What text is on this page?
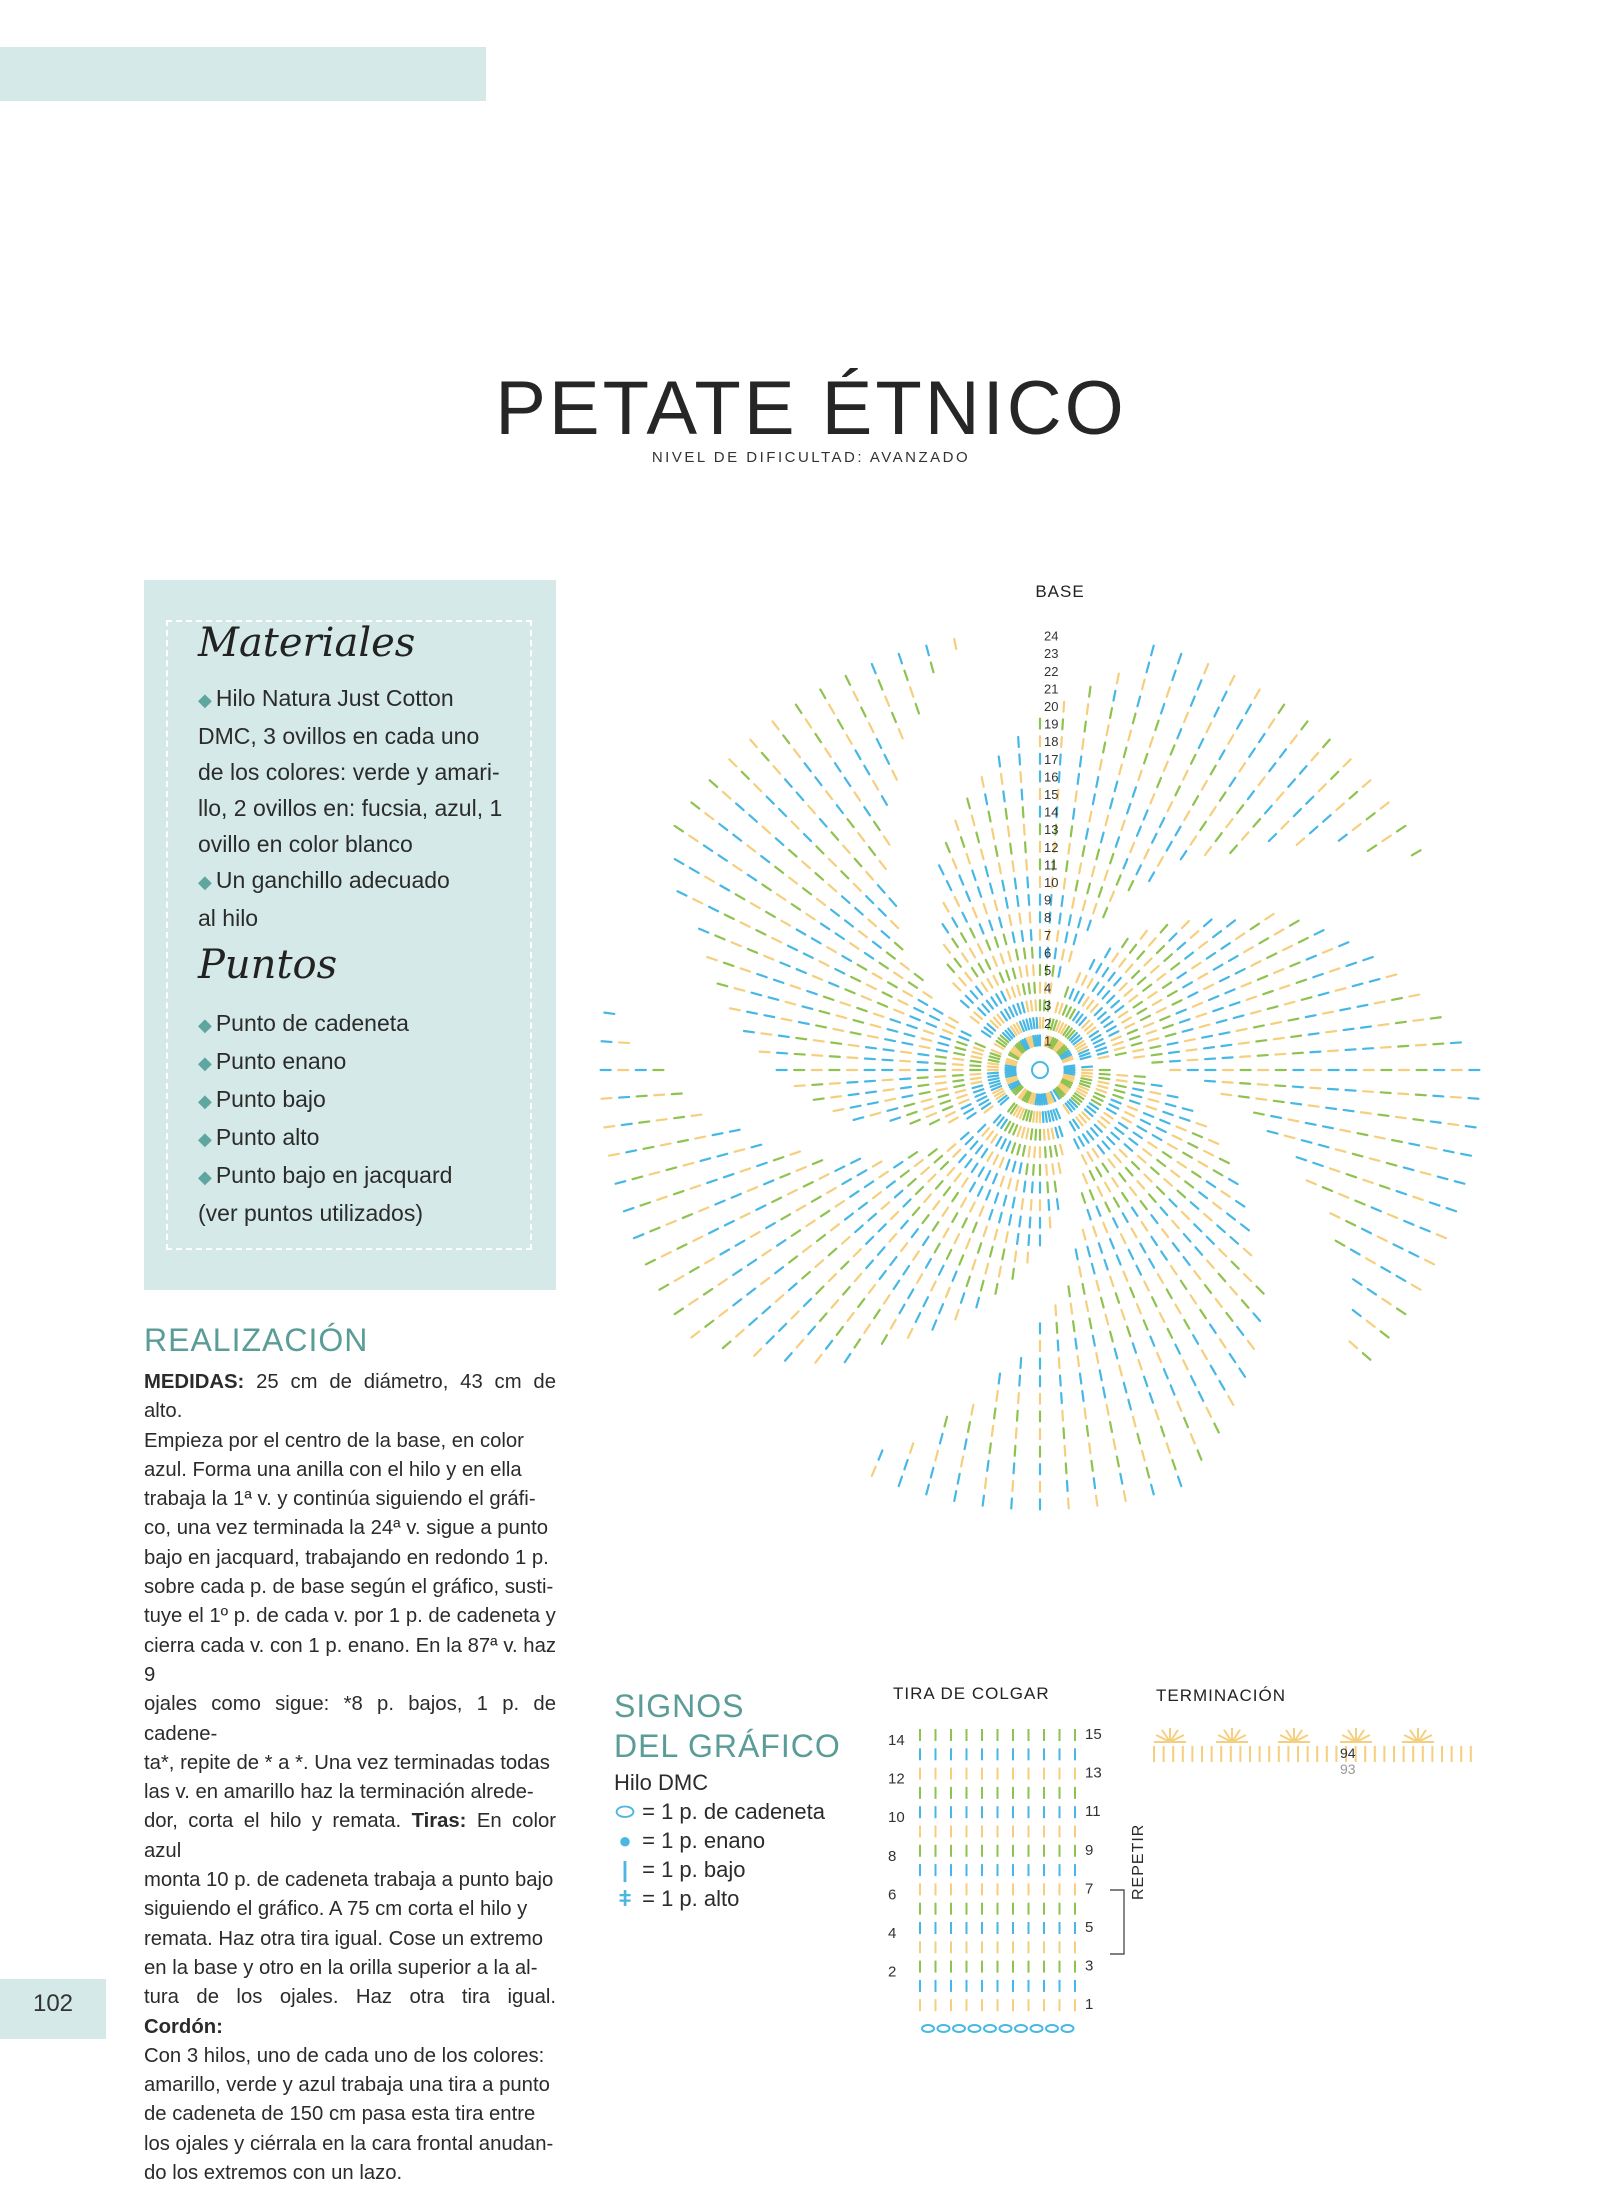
PETATE ÉTNICO
NIVEL DE DIFICULTAD: AVANZADO
Materiales
◆ Hilo Natura Just Cotton
DMC, 3 ovillos en cada uno
de los colores: verde y amari-
llo, 2 ovillos en: fucsia, azul, 1
ovillo en color blanco
◆ Un ganchillo adecuado
al hilo
Puntos
◆ Punto de cadeneta
◆ Punto enano
◆ Punto bajo
◆ Punto alto
◆ Punto bajo en jacquard
(ver puntos utilizados)
REALIZACIÓN
MEDIDAS: 25 cm de diámetro, 43 cm de alto.
Empieza por el centro de la base, en color
azul. Forma una anilla con el hilo y en ella
trabaja la 1ª v. y continúa siguiendo el gráfi-
co, una vez terminada la 24ª v. sigue a punto
bajo en jacquard, trabajando en redondo 1 p.
sobre cada p. de base según el gráfico, susti-
tuye el 1º p. de cada v. por 1 p. de cadeneta y
cierra cada v. con 1 p. enano. En la 87ª v. haz 9
ojales como sigue: *8 p. bajos, 1 p. de cadene-
ta*, repite de * a *. Una vez terminadas todas
las v. en amarillo haz la terminación alrede-
dor, corta el hilo y remata. Tiras: En color azul
monta 10 p. de cadeneta trabaja a punto bajo
siguiendo el gráfico. A 75 cm corta el hilo y
remata. Haz otra tira igual. Cose un extremo
en la base y otro en la orilla superior a la al-
tura de los ojales. Haz otra tira igual. Cordón:
Con 3 hilos, uno de cada uno de los colores:
amarillo, verde y azul trabaja una tira a punto
de cadeneta de 150 cm pasa esta tira entre
los ojales y ciérrala en la cara frontal anudan-
do los extremos con un lazo.
102
BASE
1
2
3
4
5
6
7
8
9
10
11
12
13
14
15
16
17
18
19
20
21
22
23
24
SIGNOS
DEL GRÁFICO
Hilo DMC
⬭ = 1 p. de cadeneta
● = 1 p. enano
| = 1 p. bajo
ǂ = 1 p. alto
TIRA DE COLGAR
14
12
10
8
6
4
2
15
13
11
9
7
5
3
1
REPETIR
TERMINACIÓN
94
93
